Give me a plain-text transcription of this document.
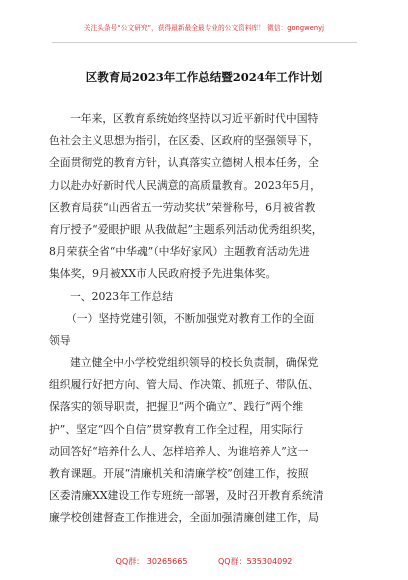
关注头条号“公文研究”，获得最新最全最专业的公文资料库！ 微信：gongwenyj
区教育局2023年工作总结暨2024年工作计划
一年来，区教育系统始终坚持以习近平新时代中国特
色社会主义思想为指引，在区委、区政府的坚强领导下，
全面贯彻党的教育方针，认真落实立德树人根本任务，全
力以赴办好新时代人民满意的高质量教育。2023年5月，
区教育局获“山西省五一劳动奖状”荣誉称号，6月被省教
育厅授予“爱眼护眼 从我做起”主题系列活动优秀组织奖，
8月荣获全省“中华魂”（中华好家风）主题教育活动先进
集体奖，9月被XX市人民政府授予先进集体奖。
一、2023年工作总结
（一）坚持党建引领，不断加强党对教育工作的全面
领导
建立健全中小学校党组织领导的校长负责制，确保党
组织履行好把方向、管大局、作决策、抓班子、带队伍、
保落实的领导职责，把握卫“两个确立”、践行“两个维
护”、坚定“四个自信”贯穿教育工作全过程，用实际行
动回答好“培养什么人、怎样培养人、为谁培养人”这一
教育课题。开展“清廉机关和清廉学校”创建工作，按照
区委清廉XX建设工作专班统一部署，及时召开教育系统清
廉学校创建督查工作推进会，全面加强清廉创建工作，局
QQ群： 30265665	QQ群：535304092
